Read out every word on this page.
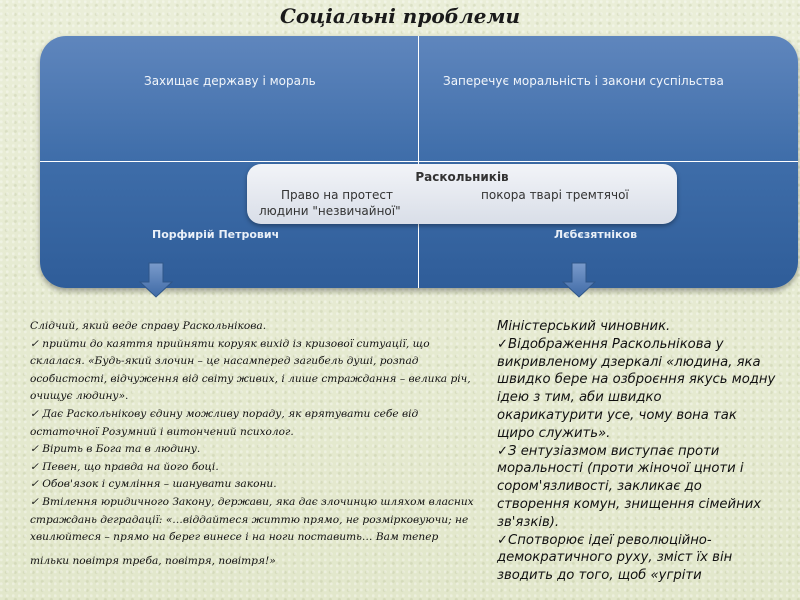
Соціальні проблеми
Захищає державу і мораль	Заперечує моральність і закони суспільства
Порфирій Петрович	Лєбєзятніков
Раскольників
Право на протест	покора тварі тремтячої
людини "незвичайної"

Слідчий, який веде справу Раскольнікова.

✓ прийти до каяття прийняти коруяк вихід із кризової ситуації, що

склалася. «Будь-який злочин – це насамперед загибель душі, розпад

особистості, відчуження від світу живих, і лише страждання – велика річ,

очищує людину».

✓ Дає Раскольнікову єдину можливу пораду, як врятувати себе від

остаточної Розумний і витончений психолог.

✓ Вірить в Бога та в людину.

✓ Певен, що правда на його боці.

✓ Обов'язок і сумління – шанувати закони.

✓ Втілення юридичного Закону, держави, яка дає злочинцю шляхом власних

страждань деградації: «…віддайтеся життю прямо, не розмірковуючи; не

хвилюйтеся – прямо на берег винесе і на ноги поставить… Вам тепер

тільки повітря треба, повітря, повітря!»

Міністерський чиновник.

✓Відображення Раскольнікова у

викривленому дзеркалі «людина, яка

швидко бере на озброєння якусь модну

ідею з тим, аби швидко

окарикатурити усе, чому вона так

щиро служить».

✓З ентузіазмом виступає проти

моральності (проти жіночої цноти і

сором'язливості, закликає до

створення комун, знищення сімейних

зв'язків).

✓Спотворює ідеї революційно-

демократичного руху, зміст їх він

зводить до того, щоб «угріти
